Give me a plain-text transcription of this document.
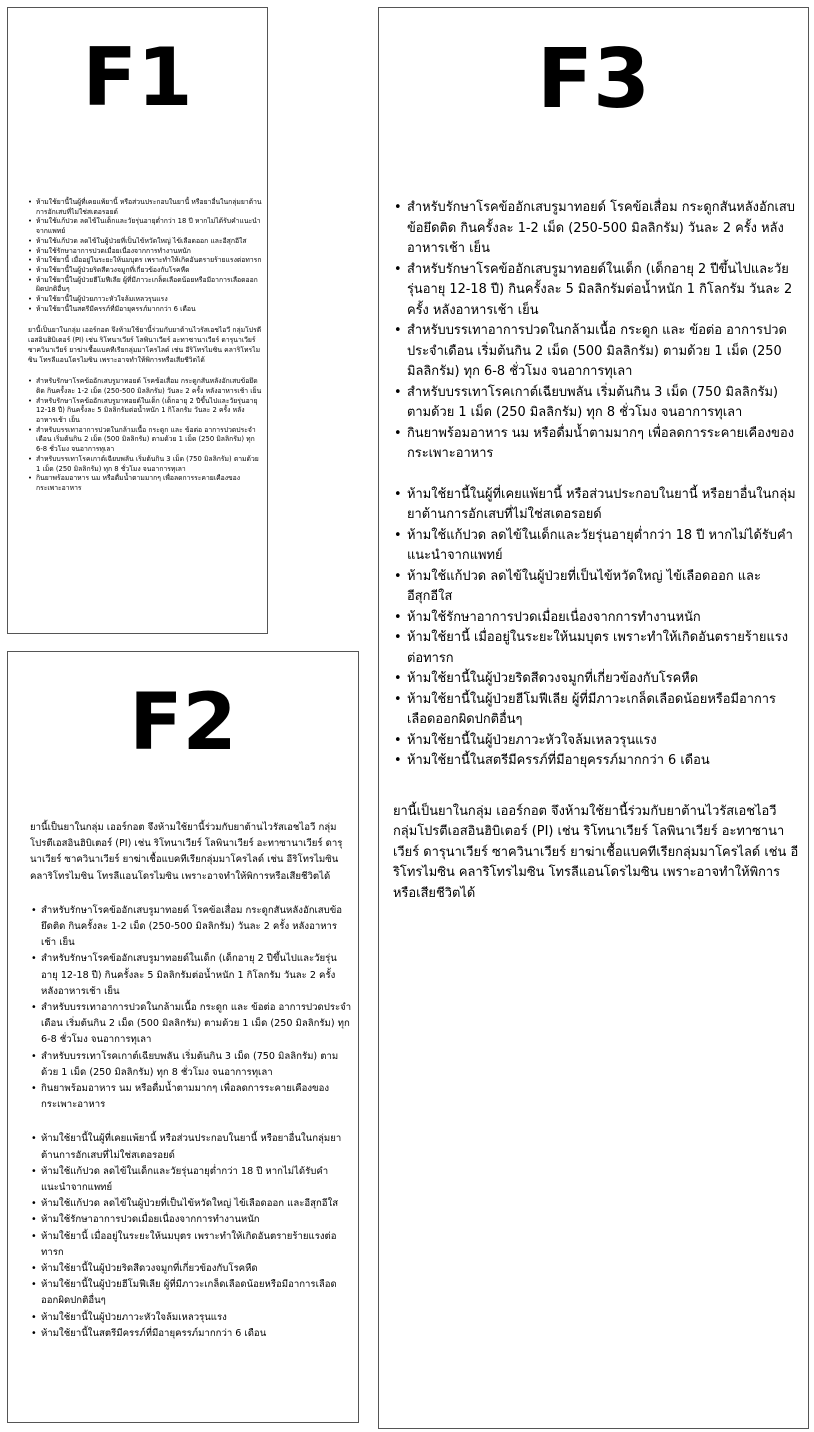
F1
• ห้ามใช้ยานี้ในผู้ที่เคยแพ้ยานี้ หรือส่วนประกอบในยานี้ หรือยาอื่นในกลุ่มยาต้านการอักเสบที่ไม่ใช่สเตอรอยด์
• ห้ามใช้แก้ปวด ลดไข้ในเด็กและวัยรุ่นอายุต่ำกว่า 18 ปี หากไม่ได้รับคำแนะนำจากแพทย์
• ห้ามใช้แก้ปวด ลดไข้ในผู้ป่วยที่เป็นไข้หวัดใหญ่ ไข้เลือดออก และอีสุกอีใส
• ห้ามใช้รักษาอาการปวดเมื่อยเนื่องจากการทำงานหนัก
• ห้ามใช้ยานี้ เมื่ออยู่ในระยะให้นมบุตร เพราะทำให้เกิดอันตรายร้ายแรงต่อทารก
• ห้ามใช้ยานี้ในผู้ป่วยริดสีดวงจมูกที่เกี่ยวข้องกับโรคหืด
• ห้ามใช้ยานี้ในผู้ป่วยฮีโมฟีเลีย ผู้ที่มีภาวะเกล็ดเลือดน้อยหรือมีอาการเลือดออกผิดปกติอื่นๆ
• ห้ามใช้ยานี้ในผู้ป่วยภาวะหัวใจล้มเหลวรุนแรง
• ห้ามใช้ยานี้ในสตรีมีครรภ์ที่มีอายุครรภ์มากกว่า 6 เดือน

ยานี้เป็นยาในกลุ่ม เออร์กอต จึงห้ามใช้ยานี้ร่วมกับยาต้านไวรัสเอชไอวี กลุ่มโปรตีเอสอินฮิบิเตอร์ (PI) เช่น ริโทนาเวียร์ โลพินาเวียร์ อะทาซานาเวียร์ ดารุนาเวียร์ ซาควินาเวียร์ ยาฆ่าเชื้อแบคทีเรียกลุ่มมาโครไลด์ เช่น อีริโทรไมซิน คลาริโทรไมซิน โทรลีแอนโดรไมซิน เพราะอาจทำให้พิการหรือเสียชีวิตได้

• สำหรับรักษาโรคข้ออักเสบรูมาทอยด์ โรคข้อเสื่อม กระดูกสันหลังอักเสบข้อยึดติด กินครั้งละ 1-2 เม็ด (250-500 มิลลิกรัม) วันละ 2 ครั้ง หลังอาหารเช้า เย็น
• สำหรับรักษาโรคข้ออักเสบรูมาทอยด์ในเด็ก (เด็กอายุ 2 ปีขึ้นไปและวัยรุ่นอายุ 12-18 ปี) กินครั้งละ 5 มิลลิกรัมต่อน้ำหนัก 1 กิโลกรัม วันละ 2 ครั้ง หลังอาหารเช้า เย็น
• สำหรับบรรเทาอาการปวดในกล้ามเนื้อ กระดูก และ ข้อต่อ อาการปวดประจำเดือน เริ่มต้นกิน 2 เม็ด (500 มิลลิกรัม) ตามด้วย 1 เม็ด (250 มิลลิกรัม) ทุก 6-8 ชั่วโมง จนอาการทุเลา
• สำหรับบรรเทาโรคเกาต์เฉียบพลัน เริ่มต้นกิน 3 เม็ด (750 มิลลิกรัม) ตามด้วย 1 เม็ด (250 มิลลิกรัม) ทุก 8 ชั่วโมง จนอาการทุเลา
• กินยาพร้อมอาหาร นม หรือดื่มน้ำตามมากๆ เพื่อลดการระคายเคืองของกระเพาะอาหาร
F2

ยานี้เป็นยาในกลุ่ม เออร์กอต จึงห้ามใช้ยานี้ร่วมกับยาต้านไวรัสเอชไอวี กลุ่มโปรตีเอสอินฮิบิเตอร์ (PI) เช่น ริโทนาเวียร์ โลพินาเวียร์ อะทาซานาเวียร์ ดารุนาเวียร์ ซาควินาเวียร์ ยาฆ่าเชื้อแบคทีเรียกลุ่มมาโครไลด์ เช่น อีริโทรไมซิน คลาริโทรไมซิน โทรลีแอนโดรไมซิน เพราะอาจทำให้พิการหรือเสียชีวิตได้

• สำหรับรักษาโรคข้ออักเสบรูมาทอยด์ โรคข้อเสื่อม กระดูกสันหลังอักเสบข้อยึดติด กินครั้งละ 1-2 เม็ด (250-500 มิลลิกรัม) วันละ 2 ครั้ง หลังอาหารเช้า เย็น
• สำหรับรักษาโรคข้ออักเสบรูมาทอยด์ในเด็ก (เด็กอายุ 2 ปีขึ้นไปและวัยรุ่นอายุ 12-18 ปี) กินครั้งละ 5 มิลลิกรัมต่อน้ำหนัก 1 กิโลกรัม วันละ 2 ครั้ง หลังอาหารเช้า เย็น
• สำหรับบรรเทาอาการปวดในกล้ามเนื้อ กระดูก และ ข้อต่อ อาการปวดประจำเดือน เริ่มต้นกิน 2 เม็ด (500 มิลลิกรัม) ตามด้วย 1 เม็ด (250 มิลลิกรัม) ทุก 6-8 ชั่วโมง จนอาการทุเลา
• สำหรับบรรเทาโรคเกาต์เฉียบพลัน เริ่มต้นกิน 3 เม็ด (750 มิลลิกรัม) ตามด้วย 1 เม็ด (250 มิลลิกรัม) ทุก 8 ชั่วโมง จนอาการทุเลา
• กินยาพร้อมอาหาร นม หรือดื่มน้ำตามมากๆ เพื่อลดการระคายเคืองของกระเพาะอาหาร
• ห้ามใช้ยานี้ในผู้ที่เคยแพ้ยานี้ หรือส่วนประกอบในยานี้ หรือยาอื่นในกลุ่มยาต้านการอักเสบที่ไม่ใช่สเตอรอยด์
• ห้ามใช้แก้ปวด ลดไข้ในเด็กและวัยรุ่นอายุต่ำกว่า 18 ปี หากไม่ได้รับคำแนะนำจากแพทย์
• ห้ามใช้แก้ปวด ลดไข้ในผู้ป่วยที่เป็นไข้หวัดใหญ่ ไข้เลือดออก และอีสุกอีใส
• ห้ามใช้รักษาอาการปวดเมื่อยเนื่องจากการทำงานหนัก
• ห้ามใช้ยานี้ เมื่ออยู่ในระยะให้นมบุตร เพราะทำให้เกิดอันตรายร้ายแรงต่อทารก
• ห้ามใช้ยานี้ในผู้ป่วยริดสีดวงจมูกที่เกี่ยวข้องกับโรคหืด
• ห้ามใช้ยานี้ในผู้ป่วยฮีโมฟีเลีย ผู้ที่มีภาวะเกล็ดเลือดน้อยหรือมีอาการเลือดออกผิดปกติอื่นๆ
• ห้ามใช้ยานี้ในผู้ป่วยภาวะหัวใจล้มเหลวรุนแรง
• ห้ามใช้ยานี้ในสตรีมีครรภ์ที่มีอายุครรภ์มากกว่า 6 เดือน
F3
• สำหรับรักษาโรคข้ออักเสบรูมาทอยด์ โรคข้อเสื่อม กระดูกสันหลังอักเสบข้อยึดติด กินครั้งละ 1-2 เม็ด (250-500 มิลลิกรัม) วันละ 2 ครั้ง หลังอาหารเช้า เย็น
• สำหรับรักษาโรคข้ออักเสบรูมาทอยด์ในเด็ก (เด็กอายุ 2 ปีขึ้นไปและวัยรุ่นอายุ 12-18 ปี) กินครั้งละ 5 มิลลิกรัมต่อน้ำหนัก 1 กิโลกรัม วันละ 2 ครั้ง หลังอาหารเช้า เย็น
• สำหรับบรรเทาอาการปวดในกล้ามเนื้อ กระดูก และ ข้อต่อ อาการปวดประจำเดือน เริ่มต้นกิน 2 เม็ด (500 มิลลิกรัม) ตามด้วย 1 เม็ด (250 มิลลิกรัม) ทุก 6-8 ชั่วโมง จนอาการทุเลา
• สำหรับบรรเทาโรคเกาต์เฉียบพลัน เริ่มต้นกิน 3 เม็ด (750 มิลลิกรัม) ตามด้วย 1 เม็ด (250 มิลลิกรัม) ทุก 8 ชั่วโมง จนอาการทุเลา
• กินยาพร้อมอาหาร นม หรือดื่มน้ำตามมากๆ เพื่อลดการระคายเคืองของกระเพาะอาหาร
• ห้ามใช้ยานี้ในผู้ที่เคยแพ้ยานี้ หรือส่วนประกอบในยานี้ หรือยาอื่นในกลุ่มยาต้านการอักเสบที่ไม่ใช่สเตอรอยด์
• ห้ามใช้แก้ปวด ลดไข้ในเด็กและวัยรุ่นอายุต่ำกว่า 18 ปี หากไม่ได้รับคำแนะนำจากแพทย์
• ห้ามใช้แก้ปวด ลดไข้ในผู้ป่วยที่เป็นไข้หวัดใหญ่ ไข้เลือดออก และอีสุกอีใส
• ห้ามใช้รักษาอาการปวดเมื่อยเนื่องจากการทำงานหนัก
• ห้ามใช้ยานี้ เมื่ออยู่ในระยะให้นมบุตร เพราะทำให้เกิดอันตรายร้ายแรงต่อทารก
• ห้ามใช้ยานี้ในผู้ป่วยริดสีดวงจมูกที่เกี่ยวข้องกับโรคหืด
• ห้ามใช้ยานี้ในผู้ป่วยฮีโมฟีเลีย ผู้ที่มีภาวะเกล็ดเลือดน้อยหรือมีอาการเลือดออกผิดปกติอื่นๆ
• ห้ามใช้ยานี้ในผู้ป่วยภาวะหัวใจล้มเหลวรุนแรง
• ห้ามใช้ยานี้ในสตรีมีครรภ์ที่มีอายุครรภ์มากกว่า 6 เดือน

ยานี้เป็นยาในกลุ่ม เออร์กอต จึงห้ามใช้ยานี้ร่วมกับยาต้านไวรัสเอชไอวี กลุ่มโปรตีเอสอินฮิบิเตอร์ (PI) เช่น ริโทนาเวียร์ โลพินาเวียร์ อะทาซานาเวียร์ ดารุนาเวียร์ ซาควินาเวียร์ ยาฆ่าเชื้อแบคทีเรียกลุ่มมาโครไลด์ เช่น อีริโทรไมซิน คลาริโทรไมซิน โทรลีแอนโดรไมซิน เพราะอาจทำให้พิการหรือเสียชีวิตได้
